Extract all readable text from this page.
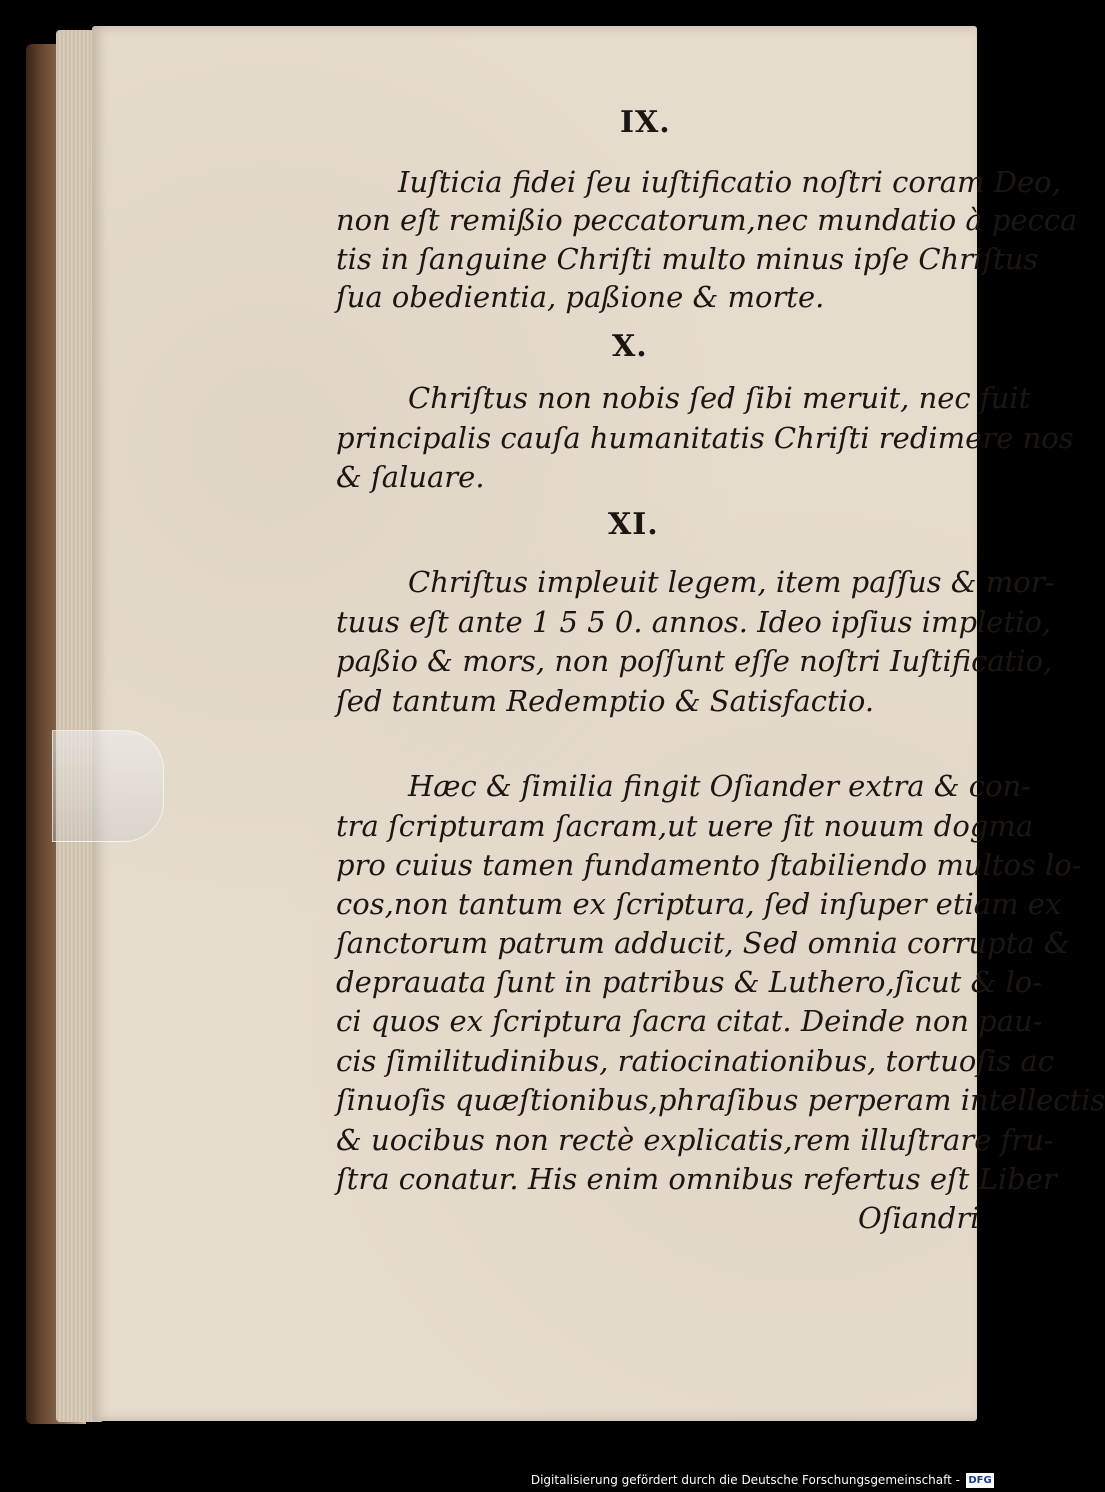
IX.
Iuſticia fidei ſeu iuſtificatio noſtri coram Deo,
non eſt remißio peccatorum,nec mundatio à pecca
tis in ſanguine Chriſti multo minus ipſe Chriſtus
ſua obedientia, paßione & morte.
X.
Chriſtus non nobis ſed ſibi meruit, nec fuit
principalis cauſa humanitatis Chriſti redimere nos
& ſaluare.
XI.
Chriſtus impleuit legem, item paſſus & mor-
tuus eſt ante 1 5 5 0. annos. Ideo ipſius impletio,
paßio & mors, non poſſunt eſſe noſtri Iuſtificatio,
ſed tantum Redemptio & Satisfactio.
Hæc & ſimilia fingit Oſiander extra & con-
tra ſcripturam ſacram,ut uere ſit nouum dogma
pro cuius tamen fundamento ſtabiliendo multos lo-
cos,non tantum ex ſcriptura, ſed inſuper etiam ex
ſanctorum patrum adducit, Sed omnia corrupta &
deprauata ſunt in patribus & Luthero,ſicut & lo-
ci quos ex ſcriptura ſacra citat. Deinde non pau-
cis ſimilitudinibus, ratiocinationibus, tortuoſis ac
ſinuoſis quæſtionibus,phraſibus perperam intellectis
& uocibus non rectè explicatis,rem illuſtrare fru-
ſtra conatur. His enim omnibus refertus eſt Liber
Oſiandri
Digitalisierung gefördert durch die Deutsche Forschungsgemeinschaft - DFG
